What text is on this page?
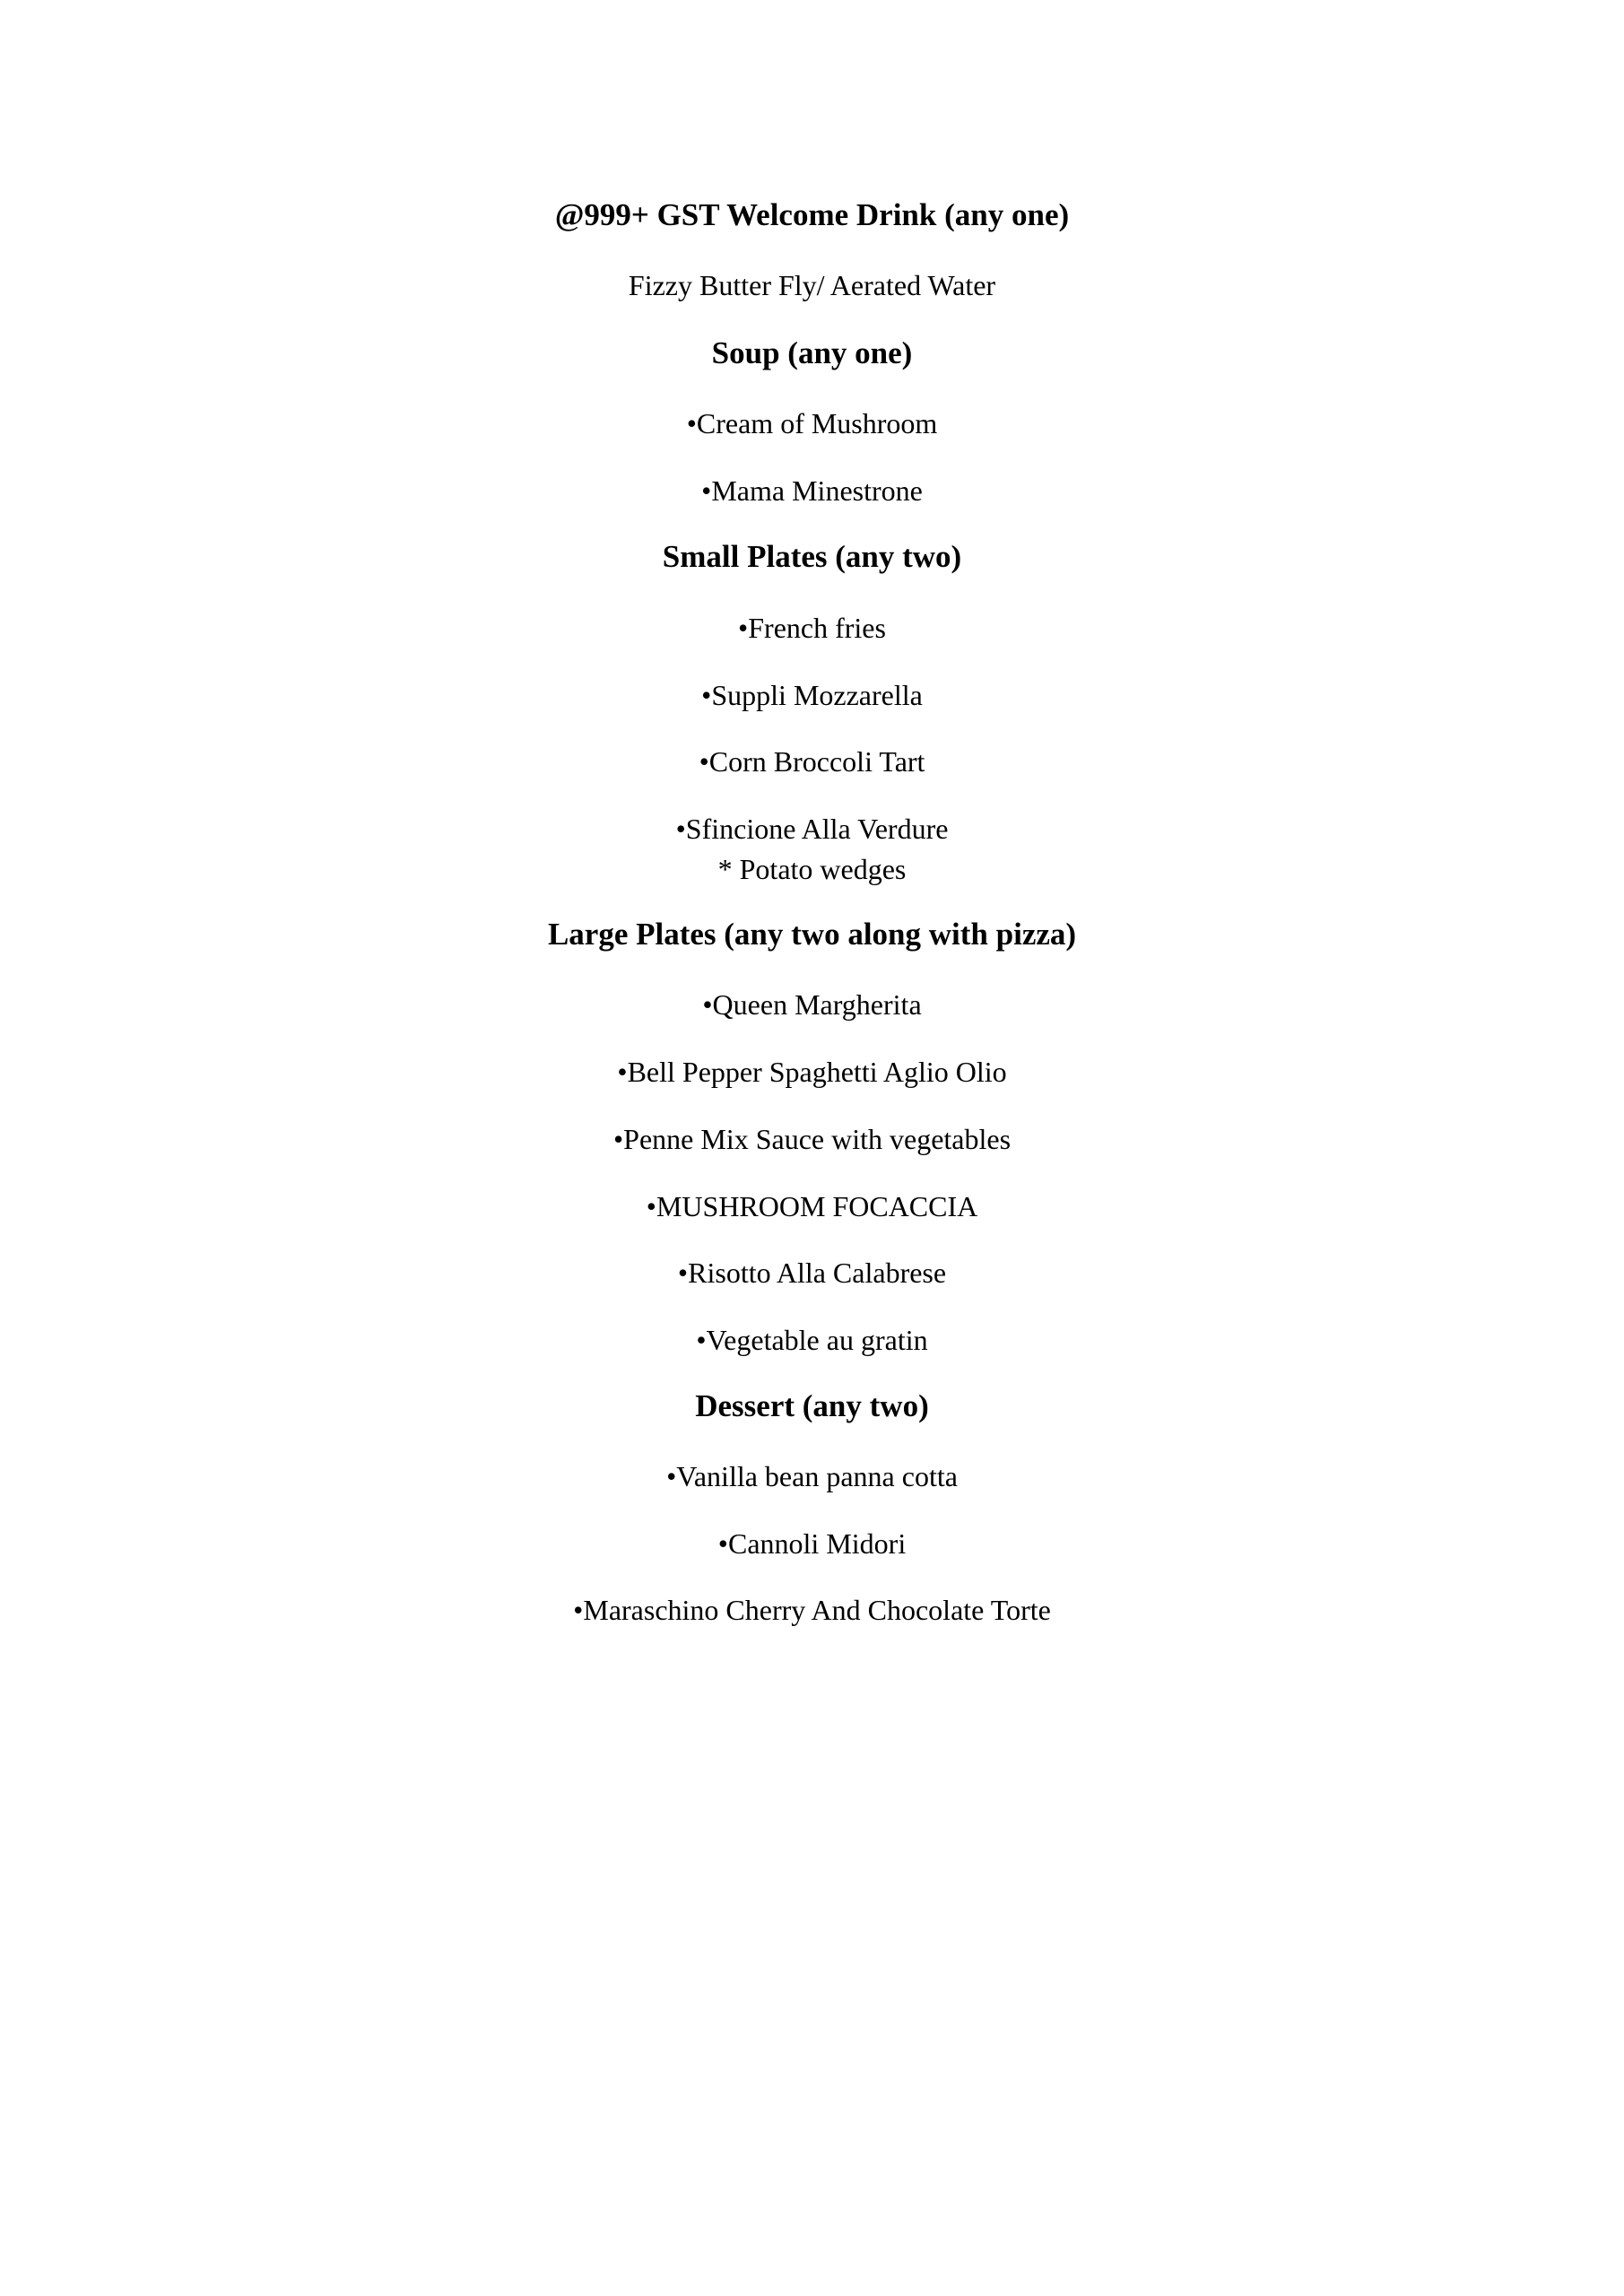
@999+ GST Welcome Drink (any one)
Fizzy Butter Fly/ Aerated Water
Soup (any one)
•Cream of Mushroom
•Mama Minestrone
Small Plates (any two)
•French fries
•Suppli Mozzarella
•Corn Broccoli Tart
•Sfincione Alla Verdure
* Potato wedges
Large Plates (any two along with pizza)
•Queen Margherita
•Bell Pepper Spaghetti Aglio Olio
•Penne Mix Sauce with vegetables
•MUSHROOM FOCACCIA
•Risotto Alla Calabrese
•Vegetable au gratin
Dessert (any two)
•Vanilla bean panna cotta
•Cannoli Midori
•Maraschino Cherry And Chocolate Torte
